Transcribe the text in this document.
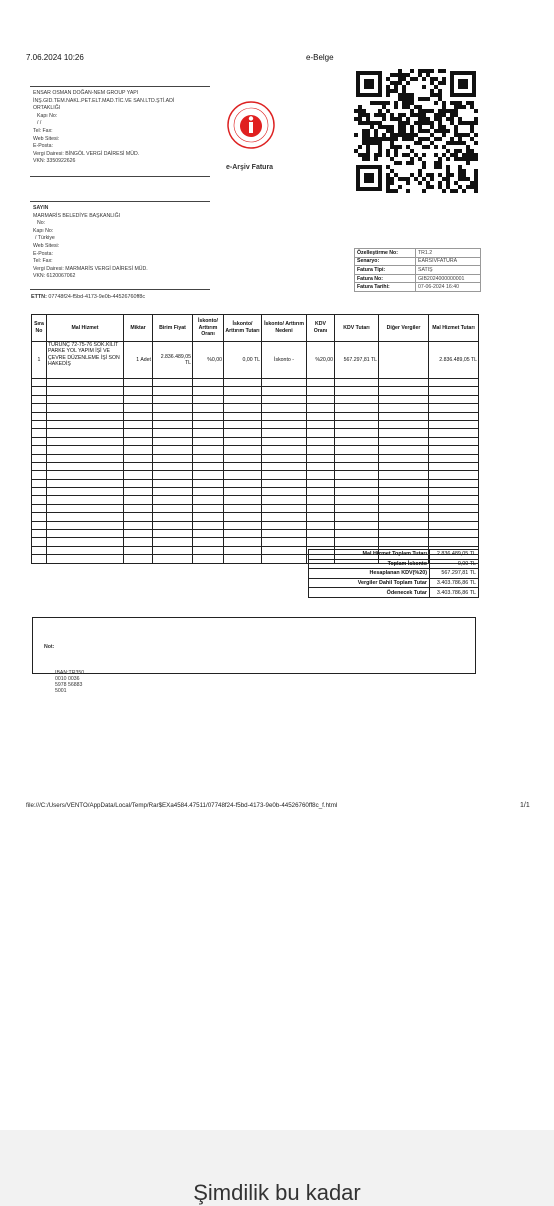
7.06.2024 10:26	e-Belge
ENSAR OSMAN DOĞAN-NEM GROUP YAPI
İNŞ.GID.TEM.NAKL.PET.ELT.MAD.TİC.VE SAN.LTD.ŞTİ.ADİ
ORTAKLIĞI
Kapı No:
/ /
Tel: Fax:
Web Sitesi:
E-Posta:
Vergi Dairesi: BİNGÖL VERGİ DAİRESİ MÜD.
VKN: 3350922626
e-Arşiv Fatura
SAYIN
MARMARİS BELEDİYE BAŞKANLIĞI
No:
Kapı No:
/ Türkiye
Web Sitesi:
E-Posta:
Tel: Fax:
Vergi Dairesi: MARMARİS VERGİ DAİRESİ MÜD.
VKN: 6120067062
ETTN: 07748f24-f5bd-4173-9e0b-44526760ff8c
Özelleştirme No:	TR1.2
Senaryo:	EARSIVFATURA
Fatura Tipi:	SATIŞ
Fatura No:	GIB2024000000001
Fatura Tarihi:	07-06-2024 16:40
Sıra No	Mal Hizmet	Miktar	Birim Fiyat	İskonto/ Arttırım Oranı	İskonto/ Arttırım Tutarı	İskonto/ Arttırım Nedeni	KDV Oranı	KDV Tutarı	Diğer Vergiler	Mal Hizmet Tutarı
1	TURUNÇ 72-75-76 SOK.KİLİT PARKE YOL YAPIM İŞİ VE ÇEVRE DÜZENLEME İŞİ SON HAKEDİŞ	1 Adet	2.836.489,05 TL	%0,00	0,00 TL	İskonto -	%20,00	567.297,81 TL		2.836.489,05 TL

Mal Hizmet Toplam Tutarı	2.836.489,05 TL
Toplam İskonto	0,00 TL
Hesaplanan KDV(%20)	567.297,81 TL
Vergiler Dahil Toplam Tutar	3.403.786,86 TL
Ödenecek Tutar	3.403.786,86 TL
Not:
IBAN:TR350 0010 0036 5978 56883 5001
file:///C:/Users/VENTO/AppData/Local/Temp/Rar$EXa4584.47511/07748f24-f5bd-4173-9e0b-44526760ff8c_f.html	1/1
Şimdilik bu kadar
